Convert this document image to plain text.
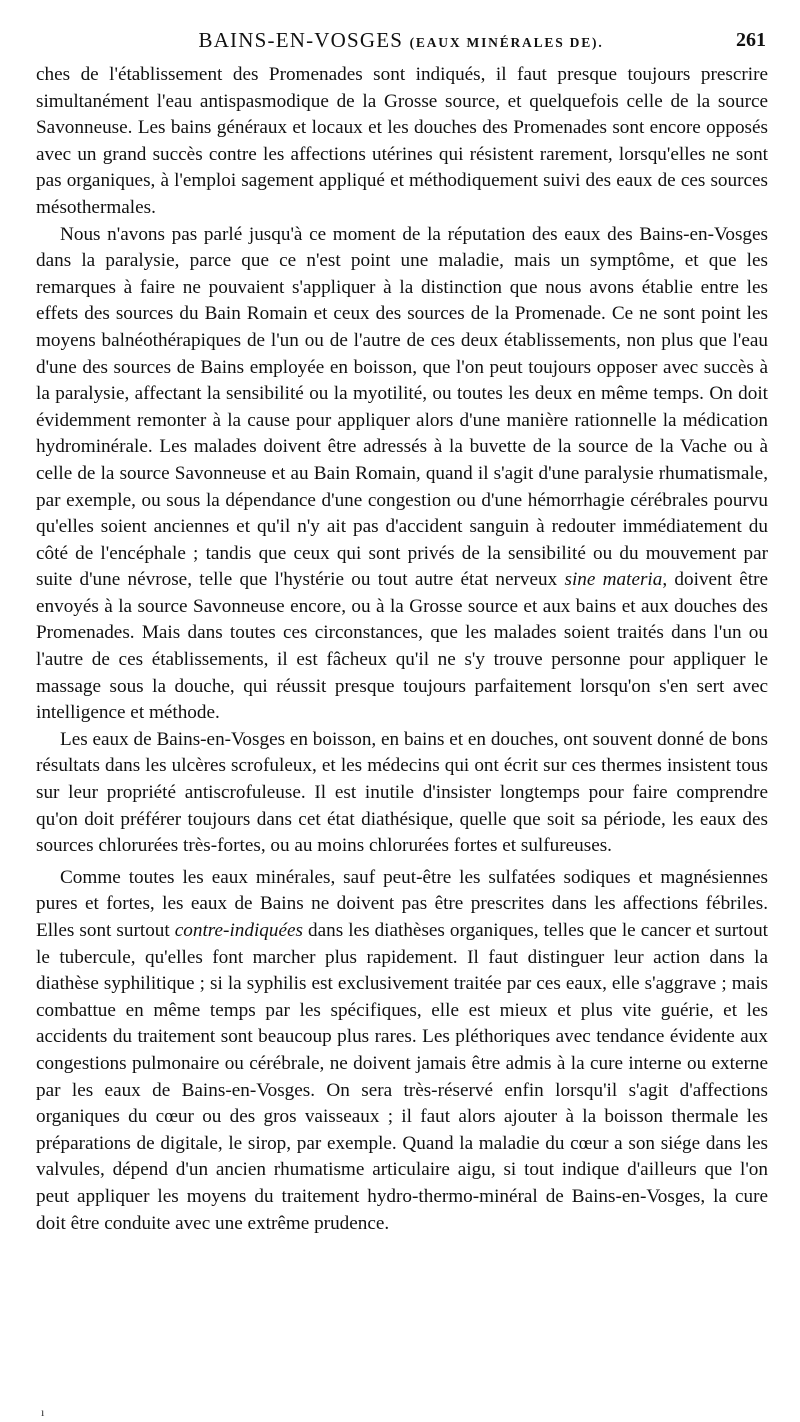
BAINS-EN-VOSGES (EAUX MINÉRALES DE).	261

ches de l'établissement des Promenades sont indiqués, il faut presque toujours prescrire simultanément l'eau antispasmodique de la Grosse source, et quelquefois celle de la source Savonneuse. Les bains généraux et locaux et les douches des Promenades sont encore opposés avec un grand succès contre les affections utérines qui résistent rarement, lorsqu'elles ne sont pas organiques, à l'emploi sagement appliqué et méthodiquement suivi des eaux de ces sources mésothermales.

Nous n'avons pas parlé jusqu'à ce moment de la réputation des eaux des Bains-en-Vosges dans la paralysie, parce que ce n'est point une maladie, mais un symptôme, et que les remarques à faire ne pouvaient s'appliquer à la distinction que nous avons établie entre les effets des sources du Bain Romain et ceux des sources de la Promenade. Ce ne sont point les moyens balnéothérapiques de l'un ou de l'autre de ces deux établissements, non plus que l'eau d'une des sources de Bains employée en boisson, que l'on peut toujours opposer avec succès à la paralysie, affectant la sensibilité ou la myotilité, ou toutes les deux en même temps. On doit évidemment remonter à la cause pour appliquer alors d'une manière rationnelle la médication hydrominérale. Les malades doivent être adressés à la buvette de la source de la Vache ou à celle de la source Savonneuse et au Bain Romain, quand il s'agit d'une paralysie rhumatismale, par exemple, ou sous la dépendance d'une congestion ou d'une hémorrhagie cérébrales pourvu qu'elles soient anciennes et qu'il n'y ait pas d'accident sanguin à redouter immédiatement du côté de l'encéphale ; tandis que ceux qui sont privés de la sensibilité ou du mouvement par suite d'une névrose, telle que l'hystérie ou tout autre état nerveux sine materia, doivent être envoyés à la source Savonneuse encore, ou à la Grosse source et aux bains et aux douches des Promenades. Mais dans toutes ces circonstances, que les malades soient traités dans l'un ou l'autre de ces établissements, il est fâcheux qu'il ne s'y trouve personne pour appliquer le massage sous la douche, qui réussit presque toujours parfaitement lorsqu'on s'en sert avec intelligence et méthode.

Les eaux de Bains-en-Vosges en boisson, en bains et en douches, ont souvent donné de bons résultats dans les ulcères scrofuleux, et les médecins qui ont écrit sur ces thermes insistent tous sur leur propriété antiscrofuleuse. Il est inutile d'insister longtemps pour faire comprendre qu'on doit préférer toujours dans cet état diathésique, quelle que soit sa période, les eaux des sources chlorurées très-fortes, ou au moins chlorurées fortes et sulfureuses.

Comme toutes les eaux minérales, sauf peut-être les sulfatées sodiques et magnésiennes pures et fortes, les eaux de Bains ne doivent pas être prescrites dans les affections fébriles. Elles sont surtout contre-indiquées dans les diathèses organiques, telles que le cancer et surtout le tubercule, qu'elles font marcher plus rapidement. Il faut distinguer leur action dans la diathèse syphilitique ; si la syphilis est exclusivement traitée par ces eaux, elle s'aggrave ; mais combattue en même temps par les spécifiques, elle est mieux et plus vite guérie, et les accidents du traitement sont beaucoup plus rares. Les pléthoriques avec tendance évidente aux congestions pulmonaire ou cérébrale, ne doivent jamais être admis à la cure interne ou externe par les eaux de Bains-en-Vosges. On sera très-réservé enfin lorsqu'il s'agit d'affections organiques du cœur ou des gros vaisseaux ; il faut alors ajouter à la boisson thermale les préparations de digitale, le sirop, par exemple. Quand la maladie du cœur a son siége dans les valvules, dépend d'un ancien rhumatisme articulaire aigu, si tout indique d'ailleurs que l'on peut appliquer les moyens du traitement hydro-thermo-minéral de Bains-en-Vosges, la cure doit être conduite avec une extrême prudence.

ı
